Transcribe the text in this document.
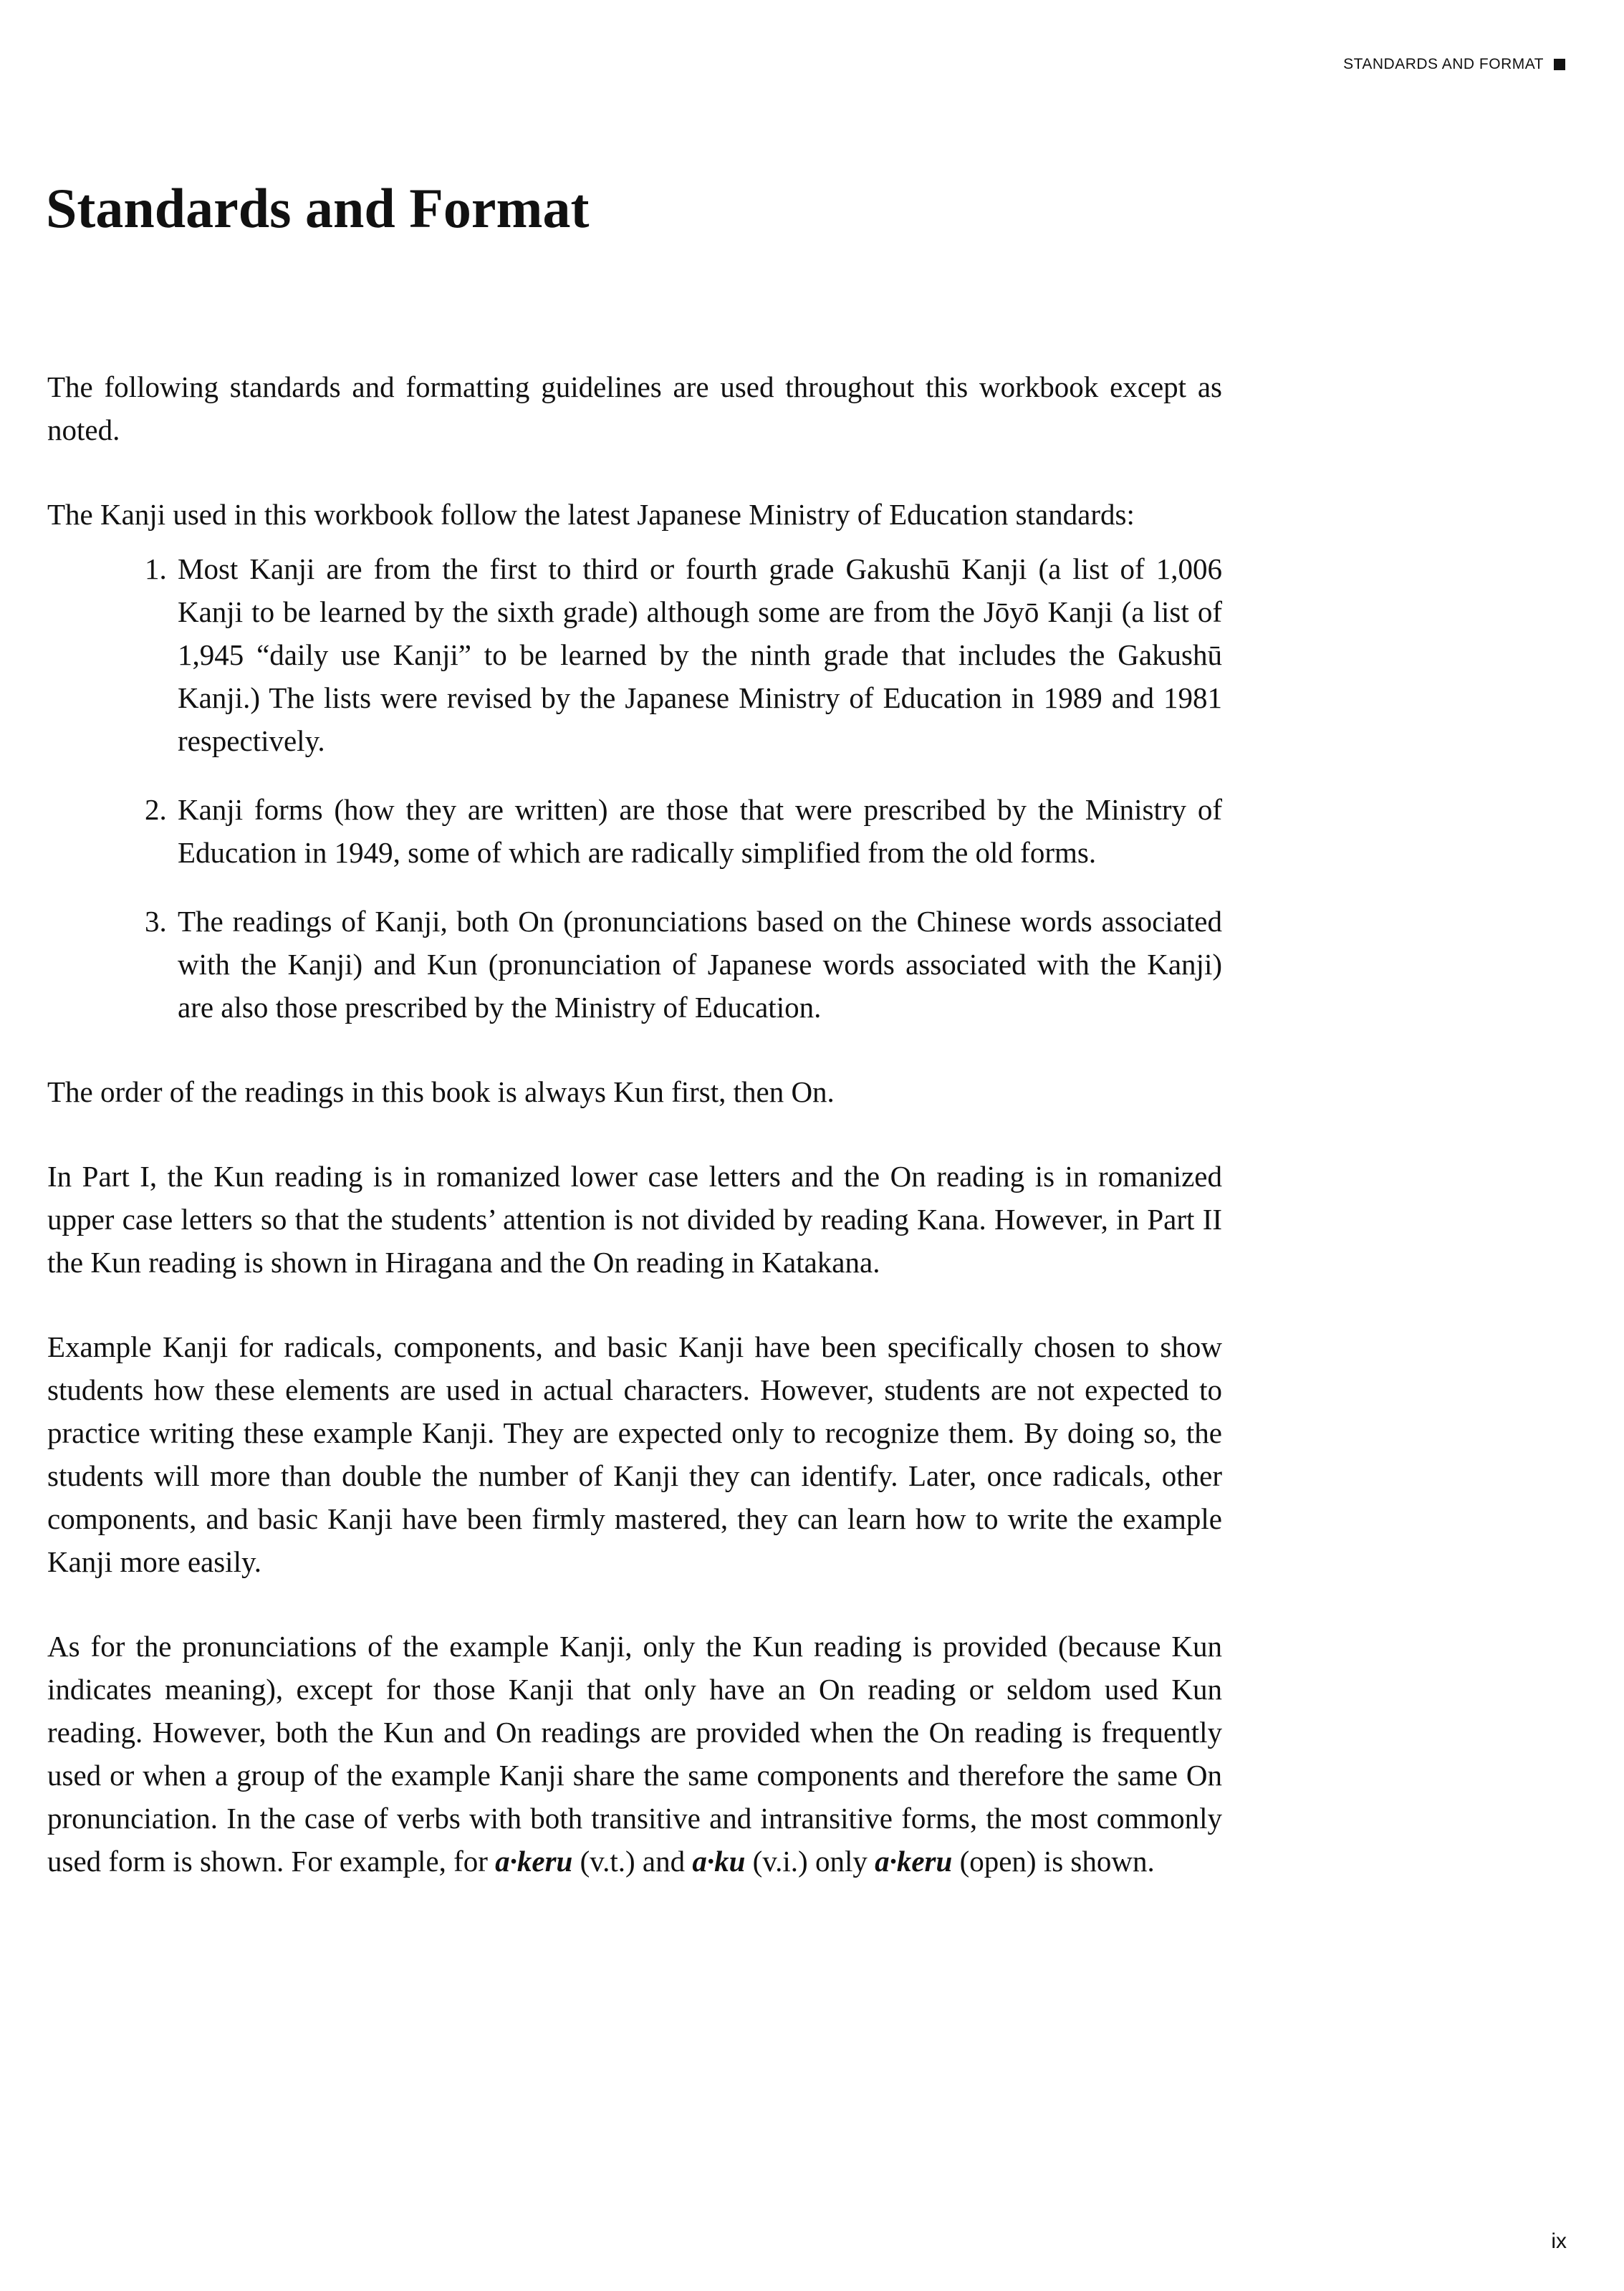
STANDARDS AND FORMAT
Standards and Format

The following standards and formatting guidelines are used throughout this workbook except as noted.

The Kanji used in this workbook follow the latest Japanese Ministry of Education standards:

1. Most Kanji are from the first to third or fourth grade Gakushū Kanji (a list of 1,006 Kanji to be learned by the sixth grade) although some are from the Jōyō Kanji (a list of 1,945 “daily use Kanji” to be learned by the ninth grade that includes the Gakushū Kanji.) The lists were revised by the Japanese Ministry of Education in 1989 and 1981 respectively.
2. Kanji forms (how they are written) are those that were prescribed by the Ministry of Education in 1949, some of which are radically simplified from the old forms.
3. The readings of Kanji, both On (pronunciations based on the Chinese words associated with the Kanji) and Kun (pronunciation of Japanese words associated with the Kanji) are also those prescribed by the Ministry of Education.

The order of the readings in this book is always Kun first, then On.

In Part I, the Kun reading is in romanized lower case letters and the On reading is in romanized upper case letters so that the students’ attention is not divided by reading Kana. However, in Part II the Kun reading is shown in Hiragana and the On reading in Katakana.

Example Kanji for radicals, components, and basic Kanji have been specifically chosen to show students how these elements are used in actual characters. However, students are not expected to practice writing these example Kanji. They are expected only to recognize them. By doing so, the students will more than double the number of Kanji they can identify. Later, once radicals, other components, and basic Kanji have been firmly mastered, they can learn how to write the example Kanji more easily.

As for the pronunciations of the example Kanji, only the Kun reading is provided (because Kun indicates meaning), except for those Kanji that only have an On reading or seldom used Kun reading. However, both the Kun and On readings are provided when the On reading is frequently used or when a group of the example Kanji share the same components and therefore the same On pronunciation. In the case of verbs with both transitive and intransitive forms, the most commonly used form is shown. For example, for a·keru (v.t.) and a·ku (v.i.) only a·keru (open) is shown.

ix
